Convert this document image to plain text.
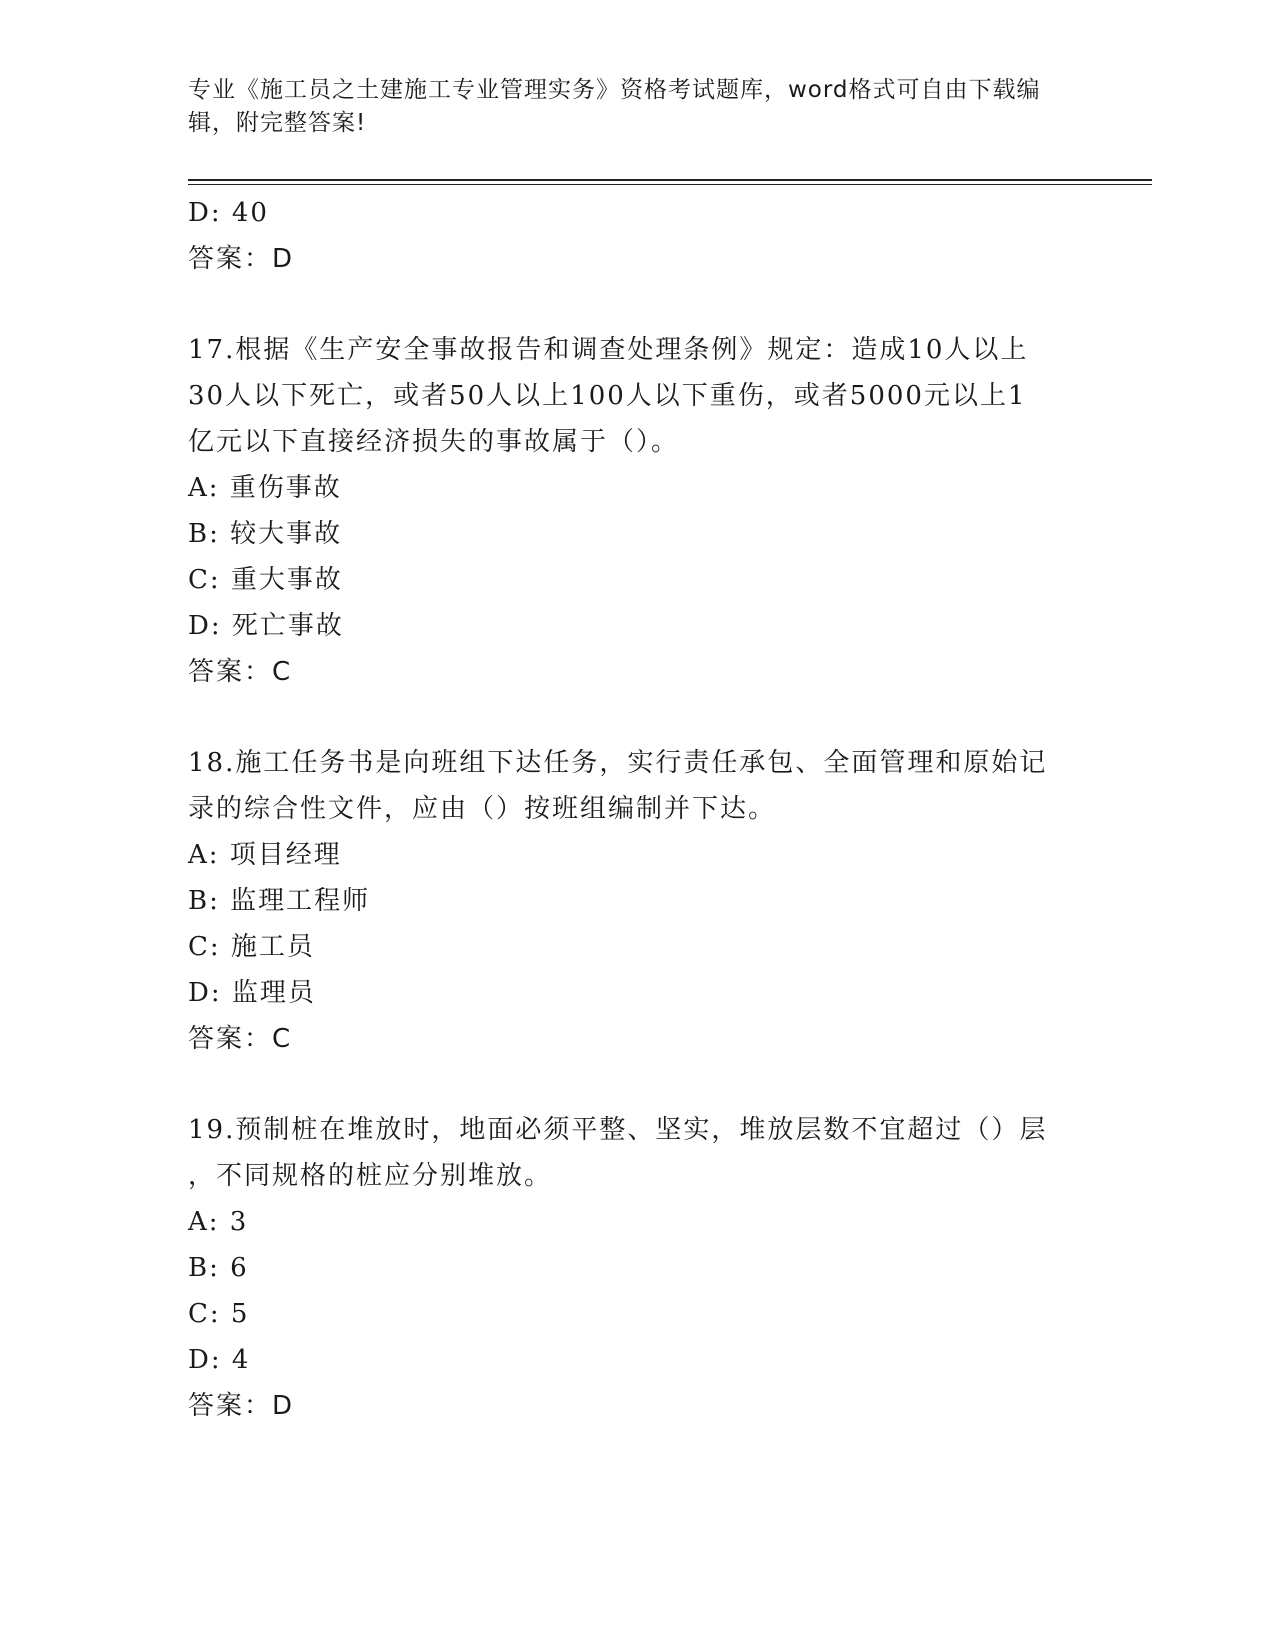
专业《施工员之土建施工专业管理实务》资格考试题库，word格式可自由下载编
辑，附完整答案!
D: 40
答案：D
17.根据《生产安全事故报告和调查处理条例》规定：造成10人以上
30人以下死亡，或者50人以上100人以下重伤，或者5000元以上1
亿元以下直接经济损失的事故属于（）。
A: 重伤事故
B: 较大事故
C: 重大事故
D: 死亡事故
答案：C
18.施工任务书是向班组下达任务，实行责任承包、全面管理和原始记
录的综合性文件，应由（）按班组编制并下达。
A: 项目经理
B: 监理工程师
C: 施工员
D: 监理员
答案：C
19.预制桩在堆放时，地面必须平整、坚实，堆放层数不宜超过（）层
，不同规格的桩应分别堆放。
A: 3
B: 6
C: 5
D: 4
答案：D
